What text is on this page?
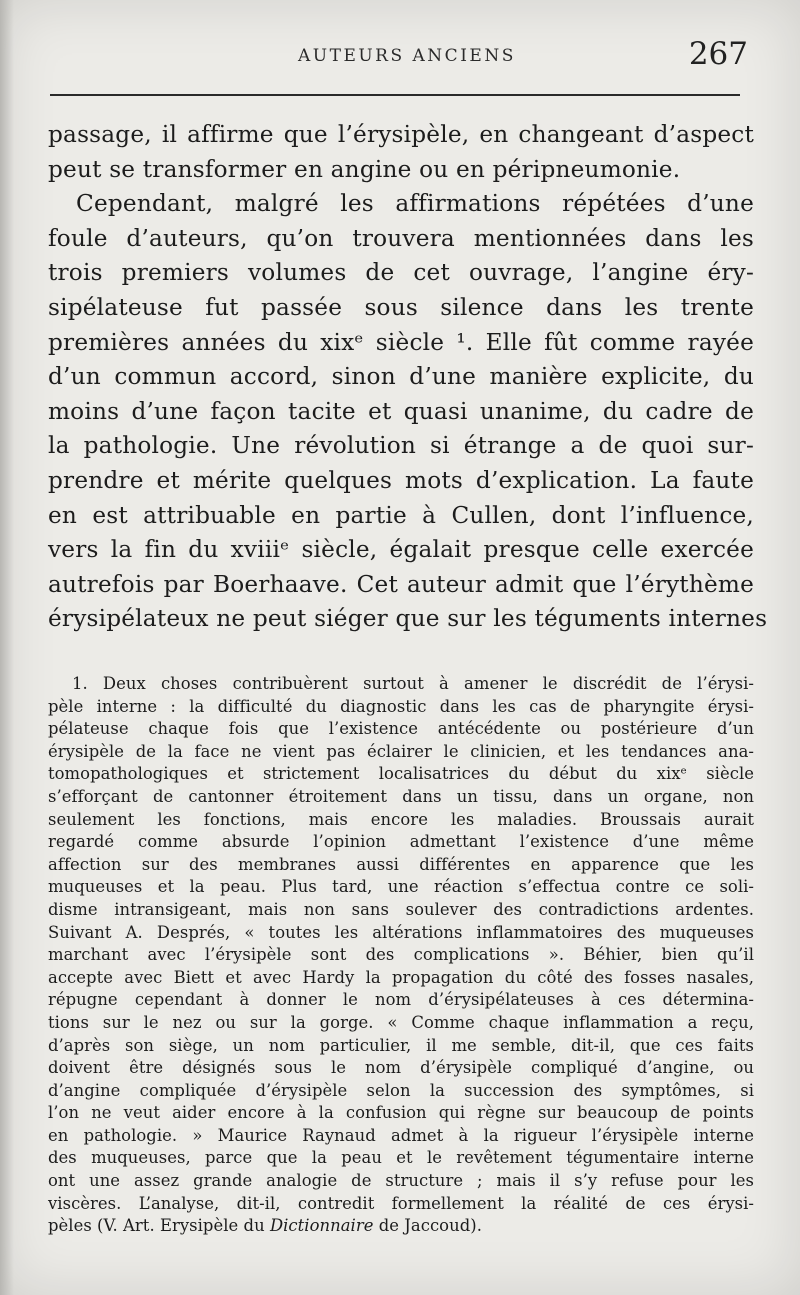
AUTEURS ANCIENS	267
passage, il affirme que l’érysipèle, en changeant d’aspect
peut se transformer en angine ou en péripneumonie.
Cependant, malgré les affirmations répétées d’une
foule d’auteurs, qu’on trouvera mentionnées dans les
trois premiers volumes de cet ouvrage, l’angine éry-
sipélateuse fut passée sous silence dans les trente
premières années du xixᵉ siècle ¹. Elle fût comme rayée
d’un commun accord, sinon d’une manière explicite, du
moins d’une façon tacite et quasi unanime, du cadre de
la pathologie. Une révolution si étrange a de quoi sur-
prendre et mérite quelques mots d’explication. La faute
en est attribuable en partie à Cullen, dont l’influence,
vers la fin du xviiiᵉ siècle, égalait presque celle exercée
autrefois par Boerhaave. Cet auteur admit que l’érythème
érysipélateux ne peut siéger que sur les téguments internes
1. Deux choses contribuèrent surtout à amener le discrédit de l’érysi-
pèle interne : la difficulté du diagnostic dans les cas de pharyngite érysi-
pélateuse chaque fois que l’existence antécédente ou postérieure d’un
érysipèle de la face ne vient pas éclairer le clinicien, et les tendances ana-
tomopathologiques et strictement localisatrices du début du xixᵉ siècle
s’efforçant de cantonner étroitement dans un tissu, dans un organe, non
seulement les fonctions, mais encore les maladies. Broussais aurait
regardé comme absurde l’opinion admettant l’existence d’une même
affection sur des membranes aussi différentes en apparence que les
muqueuses et la peau. Plus tard, une réaction s’effectua contre ce soli-
disme intransigeant, mais non sans soulever des contradictions ardentes.
Suivant A. Després, « toutes les altérations inflammatoires des muqueuses
marchant avec l’érysipèle sont des complications ». Béhier, bien qu’il
accepte avec Biett et avec Hardy la propagation du côté des fosses nasales,
répugne cependant à donner le nom d’érysipélateuses à ces détermina-
tions sur le nez ou sur la gorge. « Comme chaque inflammation a reçu,
d’après son siège, un nom particulier, il me semble, dit-il, que ces faits
doivent être désignés sous le nom d’érysipèle compliqué d’angine, ou
d’angine compliquée d’érysipèle selon la succession des symptômes, si
l’on ne veut aider encore à la confusion qui règne sur beaucoup de points
en pathologie. » Maurice Raynaud admet à la rigueur l’érysipèle interne
des muqueuses, parce que la peau et le revêtement tégumentaire interne
ont une assez grande analogie de structure ; mais il s’y refuse pour les
viscères. L’analyse, dit-il, contredit formellement la réalité de ces érysi-
pèles (V. Art. Erysipèle du Dictionnaire de Jaccoud).
